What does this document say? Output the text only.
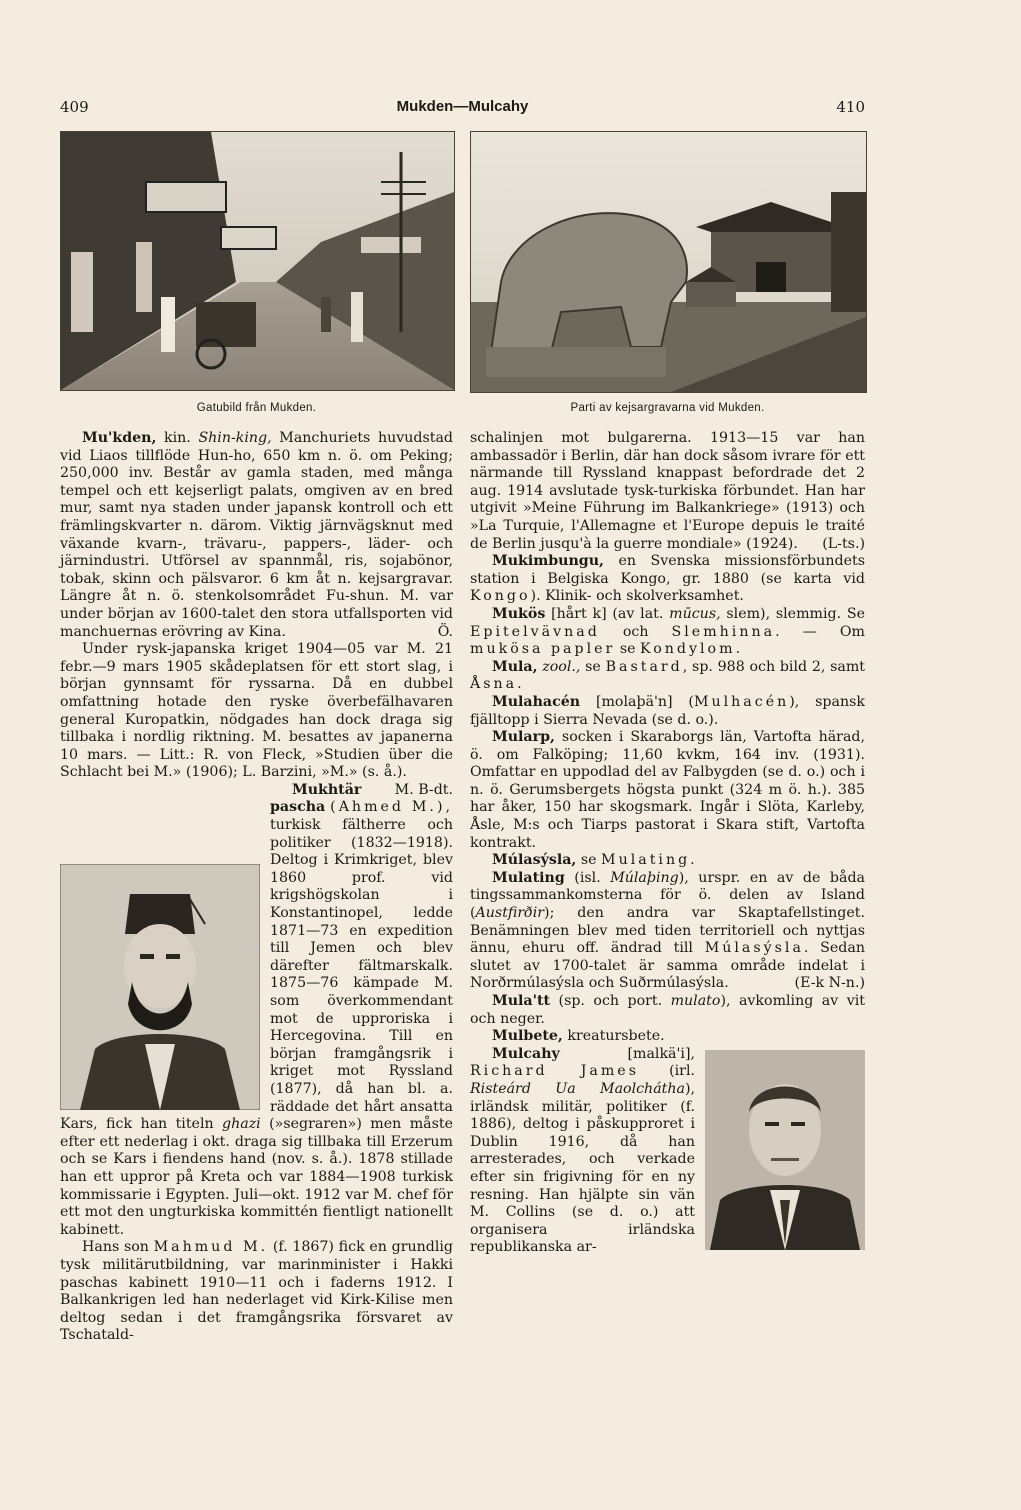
409	Mukden—Mulcahy	410
Gatubild från Mukden.	Parti av kejsargravarna vid Mukden.

Mu'kden, kin. Shin-king, Manchuriets huvudstad vid Liaos tillflöde Hun-ho, 650 km n. ö. om Peking; 250,000 inv. Består av gamla staden, med många tempel och ett kejserligt palats, omgiven av en bred mur, samt nya staden under japansk kontroll och ett främlingskvarter n. därom. Viktig järnvägsknut med växande kvarn-, trävaru-, pappers-, läder- och järnindustri. Utförsel av spannmål, ris, sojabönor, tobak, skinn och pälsvaror. 6 km åt n. kejsargravar. Längre åt n. ö. stenkolsområdet Fu-shun. M. var under början av 1600-talet den stora utfallsporten vid manchuernas erövring av Kina.	Ö.

Under rysk-japanska kriget 1904—05 var M. 21 febr.—9 mars 1905 skådeplatsen för ett stort slag, i början gynnsamt för ryssarna. Då en dubbel omfattning hotade den ryske överbefälhavaren general Kuropatkin, nödgades han dock draga sig tillbaka i nordlig riktning. M. besattes av japanerna 10 mars. — Litt.: R. von Fleck, »Studien über die Schlacht bei M.» (1906); L. Barzini, »M.» (s. å.).
M. B-dt.

Mukhtär pascha (Ahmed M.), turkisk fältherre och politiker (1832—1918). Deltog i Krimkriget, blev 1860 prof. vid krigshögskolan i Konstantinopel, ledde 1871—73 en expedition till Jemen och blev därefter fältmarskalk. 1875—76 kämpade M. som överkommendant mot de upproriska i Hercegovina. Till en början framgångsrik i kriget mot Ryssland (1877), då han bl. a. räddade det hårt ansatta Kars, fick han titeln ghazi (»segraren») men måste efter ett nederlag i okt. draga sig tillbaka till Erzerum och se Kars i fiendens hand (nov. s. å.). 1878 stillade han ett uppror på Kreta och var 1884—1908 turkisk kommissarie i Egypten. Juli—okt. 1912 var M. chef för ett mot den ungturkiska kommittén fientligt nationellt kabinett.

Hans son Mahmud M. (f. 1867) fick en grundlig tysk militärutbildning, var marinminister i Hakki paschas kabinett 1910—11 och i faderns 1912. I Balkankrigen led han nederlaget vid Kirk-Kilise men deltog sedan i det framgångsrika försvaret av Tschatald-

schalinjen mot bulgarerna. 1913—15 var han ambassadör i Berlin, där han dock såsom ivrare för ett närmande till Ryssland knappast befordrade det 2 aug. 1914 avslutade tysk-turkiska förbundet. Han har utgivit »Meine Führung im Balkankriege» (1913) och »La Turquie, l'Allemagne et l'Europe depuis le traité de Berlin jusqu'à la guerre mondiale» (1924). (L-ts.)

Mukimbungu, en Svenska missionsförbundets station i Belgiska Kongo, gr. 1880 (se karta vid Kongo). Klinik- och skolverksamhet.

Mukös [hårt k] (av lat. mūcus, slem), slemmig. Se Epitelvävnad och Slemhinna. — Om mukösa papler se Kondylom.

Mula, zool., se Bastard, sp. 988 och bild 2, samt Åsna.

Mulahacén [molaþä'n] (Mulhacén), spansk fjälltopp i Sierra Nevada (se d. o.).

Mularp, socken i Skaraborgs län, Vartofta härad, ö. om Falköping; 11,60 kvkm, 164 inv. (1931). Omfattar en uppodlad del av Falbygden (se d. o.) och i n. ö. Gerumsbergets högsta punkt (324 m ö. h.). 385 har åker, 150 har skogsmark. Ingår i Slöta, Karleby, Åsle, M:s och Tiarps pastorat i Skara stift, Vartofta kontrakt.

Múlasýsla, se Mulating.

Mulating (isl. Múlaþing), urspr. en av de båda tingssammankomsterna för ö. delen av Island (Austfirðir); den andra var Skaptafellstinget. Benämningen blev med tiden territoriell och nyttjas ännu, ehuru off. ändrad till Múlasýsla. Sedan slutet av 1700-talet är samma område indelat i Norðrmúlasýsla och Suðrmúlasýsla.	(E-k N-n.)

Mula'tt (sp. och port. mulato), avkomling av vit och neger.

Mulbete, kreatursbete.

Mulcahy [malkä'i], Richard James (irl. Risteárd Ua Maolcháthа), irländsk militär, politiker (f. 1886), deltog i påskupproret i Dublin 1916, då han arresterades, och verkade efter sin frigivning för en ny resning. Han hjälpte sin vän M. Collins (se d. o.) att organisera irländska republikanska ar-
